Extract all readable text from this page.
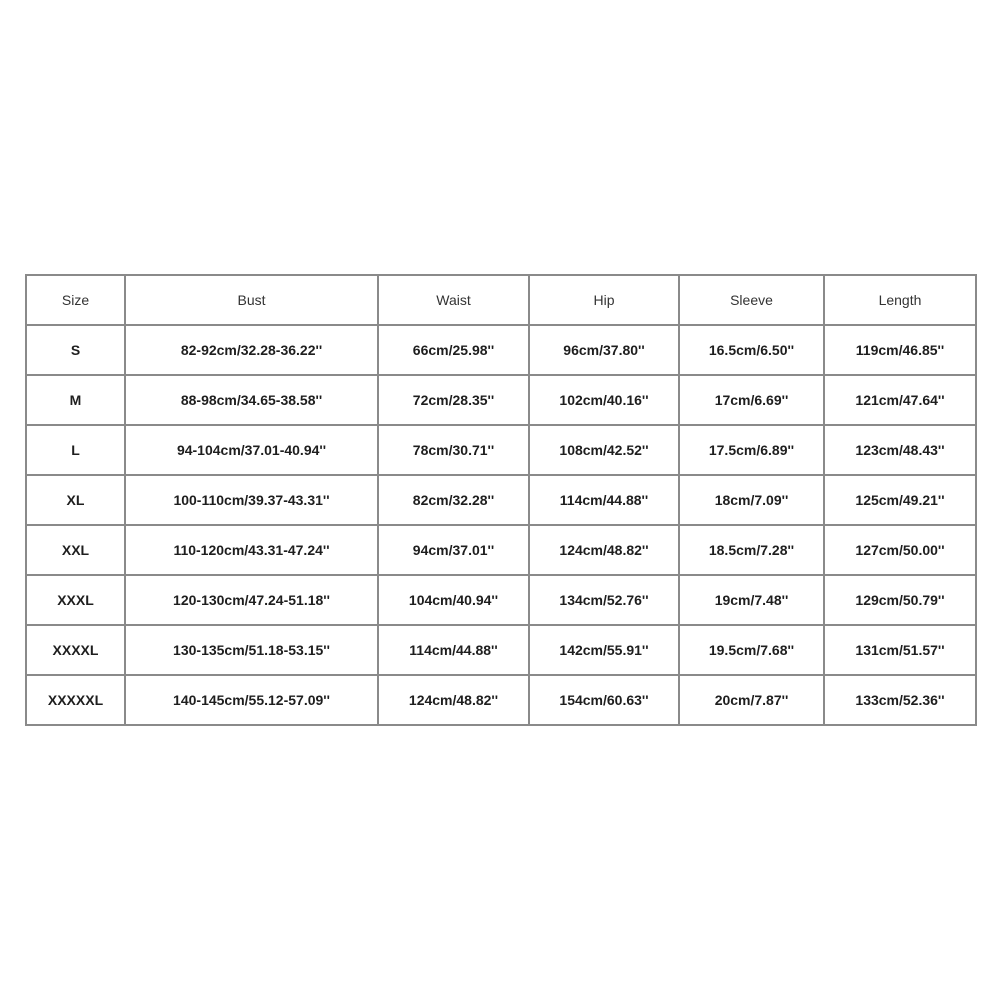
Size	Bust	Waist	Hip	Sleeve	Length
S	82-92cm/32.28-36.22''	66cm/25.98''	96cm/37.80''	16.5cm/6.50''	119cm/46.85''
M	88-98cm/34.65-38.58''	72cm/28.35''	102cm/40.16''	17cm/6.69''	121cm/47.64''
L	94-104cm/37.01-40.94''	78cm/30.71''	108cm/42.52''	17.5cm/6.89''	123cm/48.43''
XL	100-110cm/39.37-43.31''	82cm/32.28''	114cm/44.88''	18cm/7.09''	125cm/49.21''
XXL	110-120cm/43.31-47.24''	94cm/37.01''	124cm/48.82''	18.5cm/7.28''	127cm/50.00''
XXXL	120-130cm/47.24-51.18''	104cm/40.94''	134cm/52.76''	19cm/7.48''	129cm/50.79''
XXXXL	130-135cm/51.18-53.15''	114cm/44.88''	142cm/55.91''	19.5cm/7.68''	131cm/51.57''
XXXXXL	140-145cm/55.12-57.09''	124cm/48.82''	154cm/60.63''	20cm/7.87''	133cm/52.36''
